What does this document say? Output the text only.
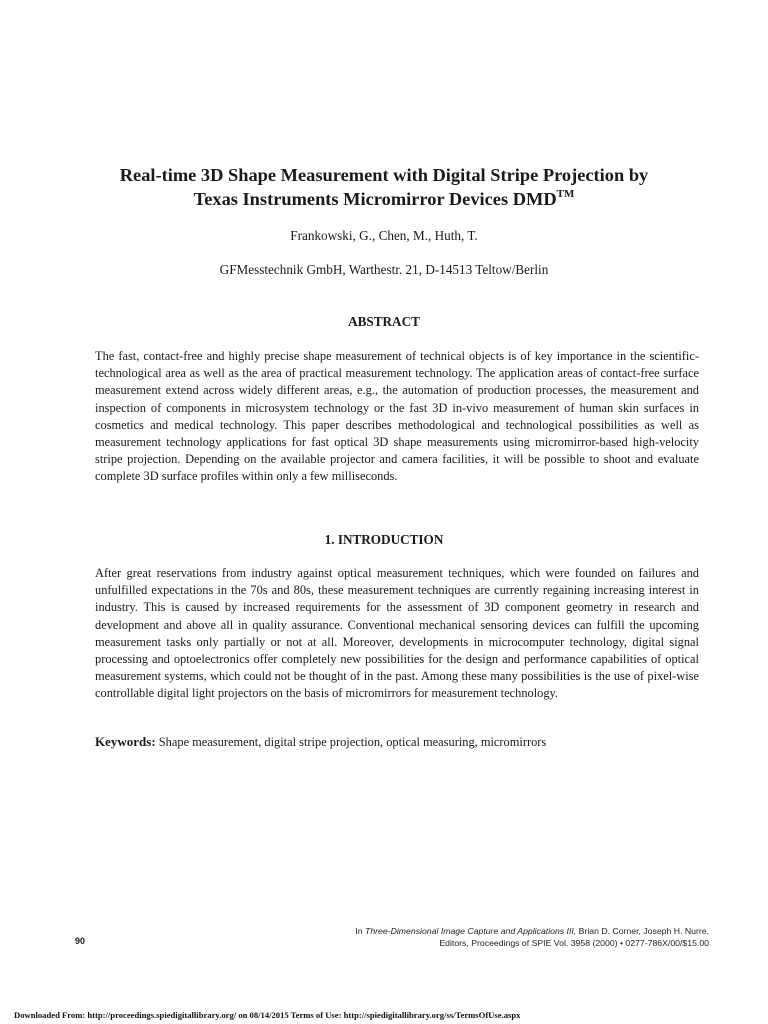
Real-time 3D Shape Measurement with Digital Stripe Projection by
Texas Instruments Micromirror Devices DMD™
Frankowski, G., Chen, M., Huth, T.
GFMesstechnik GmbH, Warthestr. 21, D-14513 Teltow/Berlin
ABSTRACT
The fast, contact-free and highly precise shape measurement of technical objects is of key importance in the scientific-technological area as well as the area of practical measurement technology. The application areas of contact-free surface measurement extend across widely different areas, e.g., the automation of production processes, the measurement and inspection of components in microsystem technology or the fast 3D in-vivo measurement of human skin surfaces in cosmetics and medical technology. This paper describes methodological and technological possibilities as well as measurement technology applications for fast optical 3D shape measurements using micromirror-based high-velocity stripe projection. Depending on the available projector and camera facilities, it will be possible to shoot and evaluate complete 3D surface profiles within only a few milliseconds.
1. INTRODUCTION
After great reservations from industry against optical measurement techniques, which were founded on failures and unfulfilled expectations in the 70s and 80s, these measurement techniques are currently regaining increasing interest in industry. This is caused by increased requirements for the assessment of 3D component geometry in research and development and above all in quality assurance. Conventional mechanical sensoring devices can fulfill the upcoming measurement tasks only partially or not at all. Moreover, developments in microcomputer technology, digital signal processing and optoelectronics offer completely new possibilities for the design and performance capabilities of optical measurement systems, which could not be thought of in the past. Among these many possibilities is the use of pixel-wise controllable digital light projectors on the basis of micromirrors for measurement technology.
Keywords: Shape measurement, digital stripe projection, optical measuring, micromirrors
In Three-Dimensional Image Capture and Applications III, Brian D. Corner, Joseph H. Nurre,
Editors, Proceedings of SPIE Vol. 3958 (2000) • 0277-786X/00/$15.00
90
Downloaded From: http://proceedings.spiedigitallibrary.org/ on 08/14/2015 Terms of Use: http://spiedigitallibrary.org/ss/TermsOfUse.aspx
